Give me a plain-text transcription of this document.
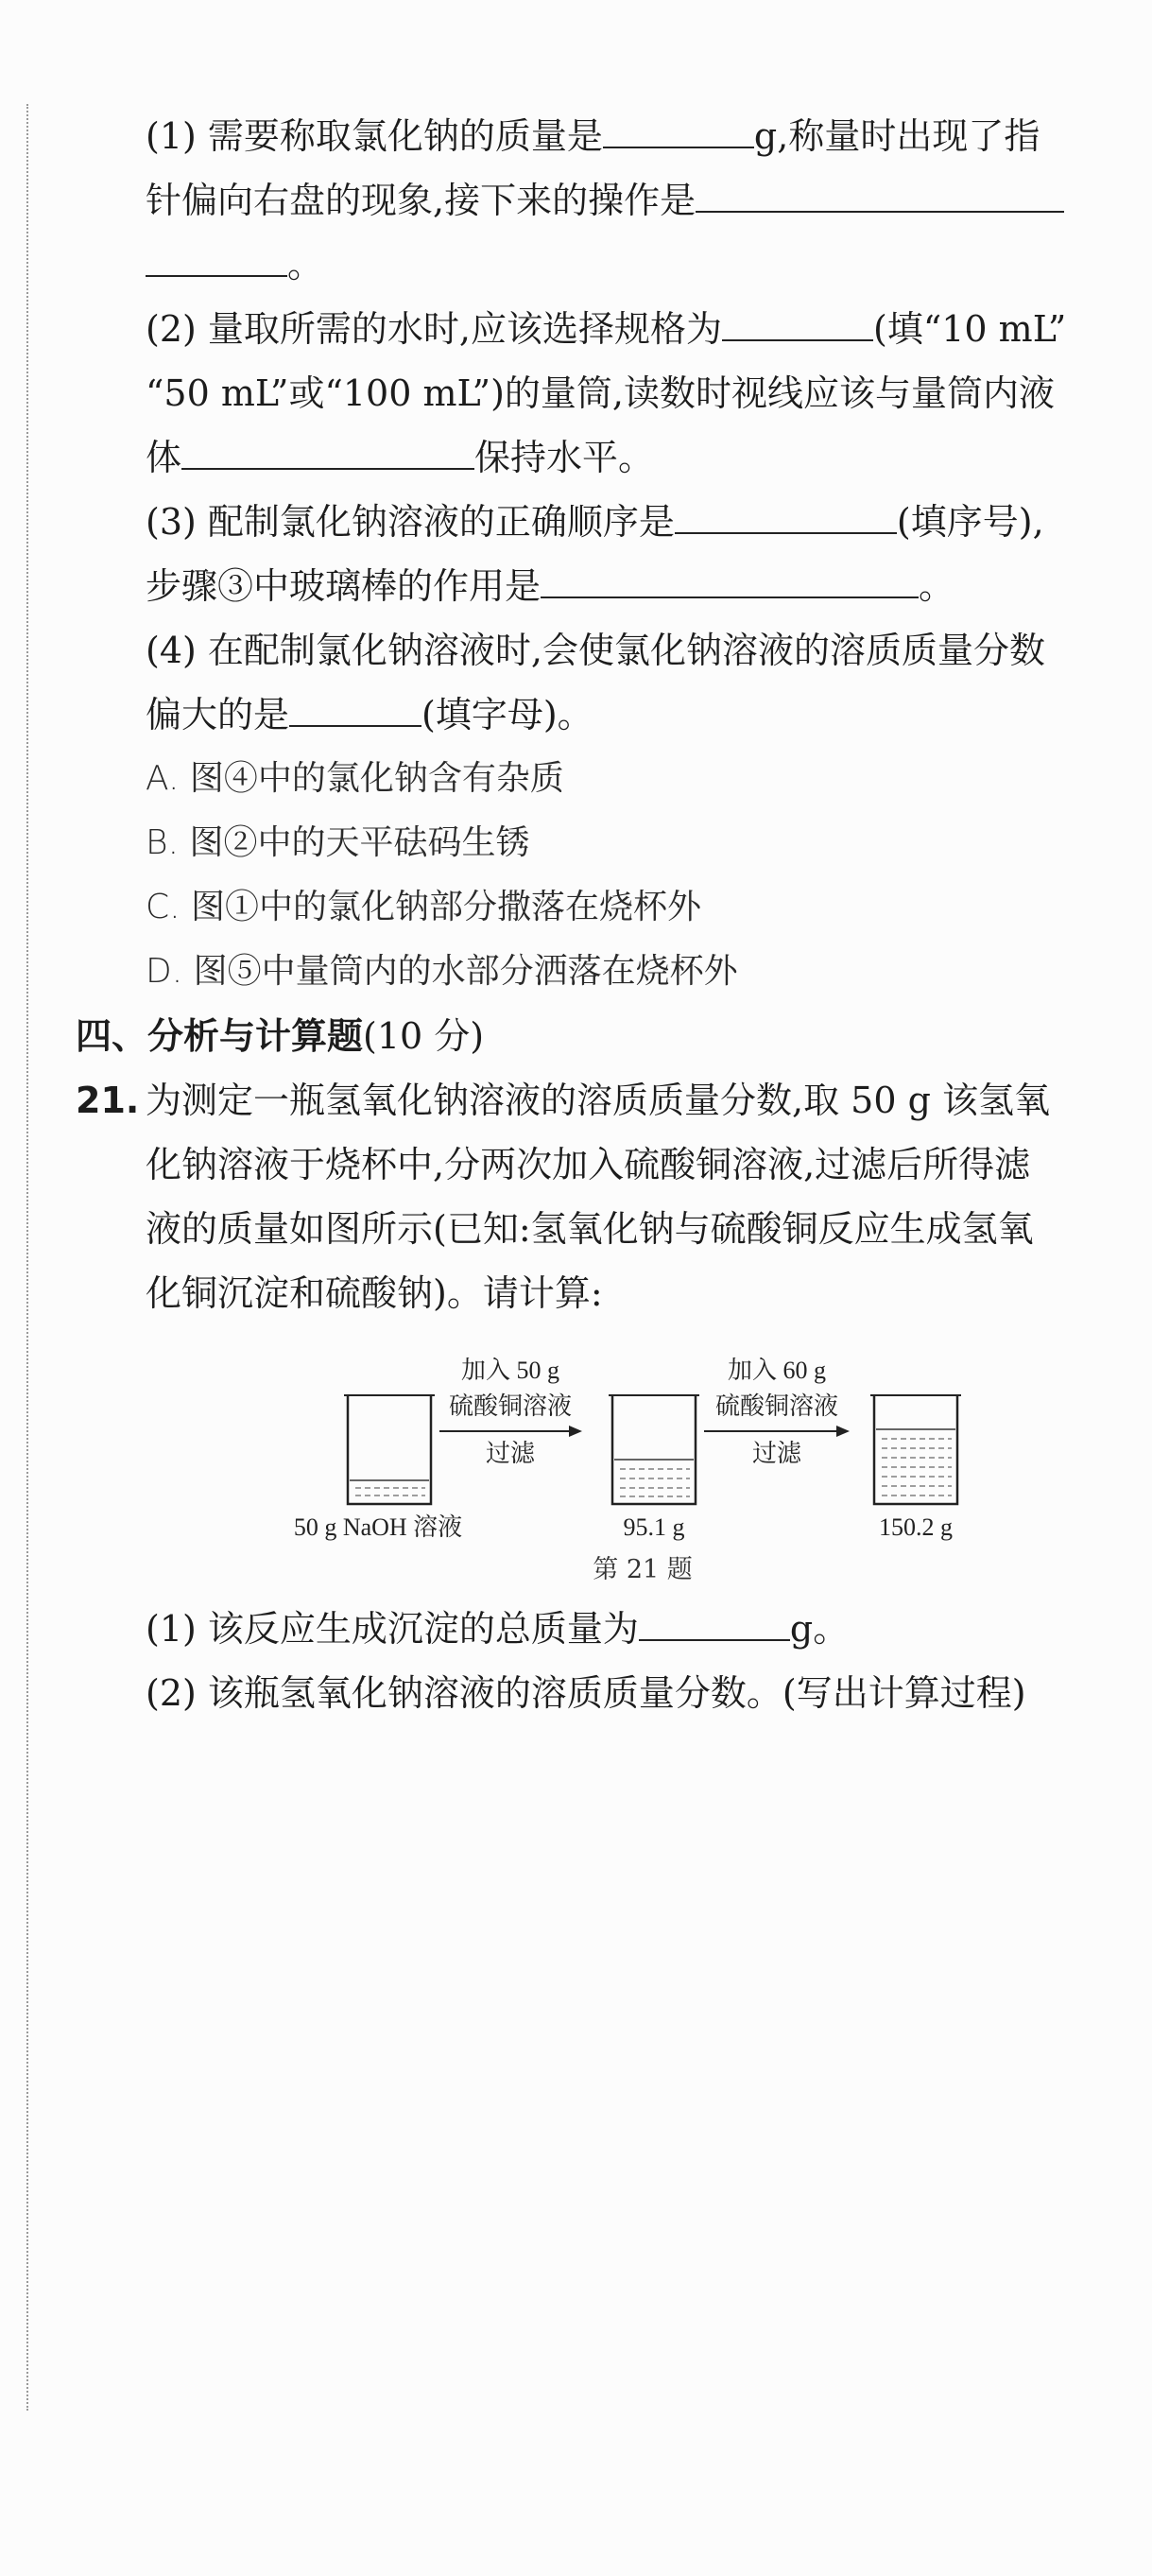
(1) 需要称取氯化钠的质量是	g,称量时出现了指
针偏向右盘的现象,接下来的操作是
。
(2) 量取所需的水时,应该选择规格为	(填“10 mL”
“50 mL”或“100 mL”)的量筒,读数时视线应该与量筒内液
体	保持水平。
(3) 配制氯化钠溶液的正确顺序是	(填序号),
步骤③中玻璃棒的作用是	。
(4) 在配制氯化钠溶液时,会使氯化钠溶液的溶质质量分数
偏大的是	(填字母)。
A. 图④中的氯化钠含有杂质
B. 图②中的天平砝码生锈
C. 图①中的氯化钠部分撒落在烧杯外
D. 图⑤中量筒内的水部分洒落在烧杯外
四、分析与计算题(10 分)
21. 为测定一瓶氢氧化钠溶液的溶质质量分数,取 50 g 该氢氧
化钠溶液于烧杯中,分两次加入硫酸铜溶液,过滤后所得滤
液的质量如图所示(已知:氢氧化钠与硫酸铜反应生成氢氧
化铜沉淀和硫酸钠)。请计算:
加入 50 g
硫酸铜溶液
过滤
加入 60 g
硫酸铜溶液
过滤
50 g NaOH 溶液	95.1 g	150.2 g
第 21 题
(1) 该反应生成沉淀的总质量为	g。
(2) 该瓶氢氧化钠溶液的溶质质量分数。(写出计算过程)
